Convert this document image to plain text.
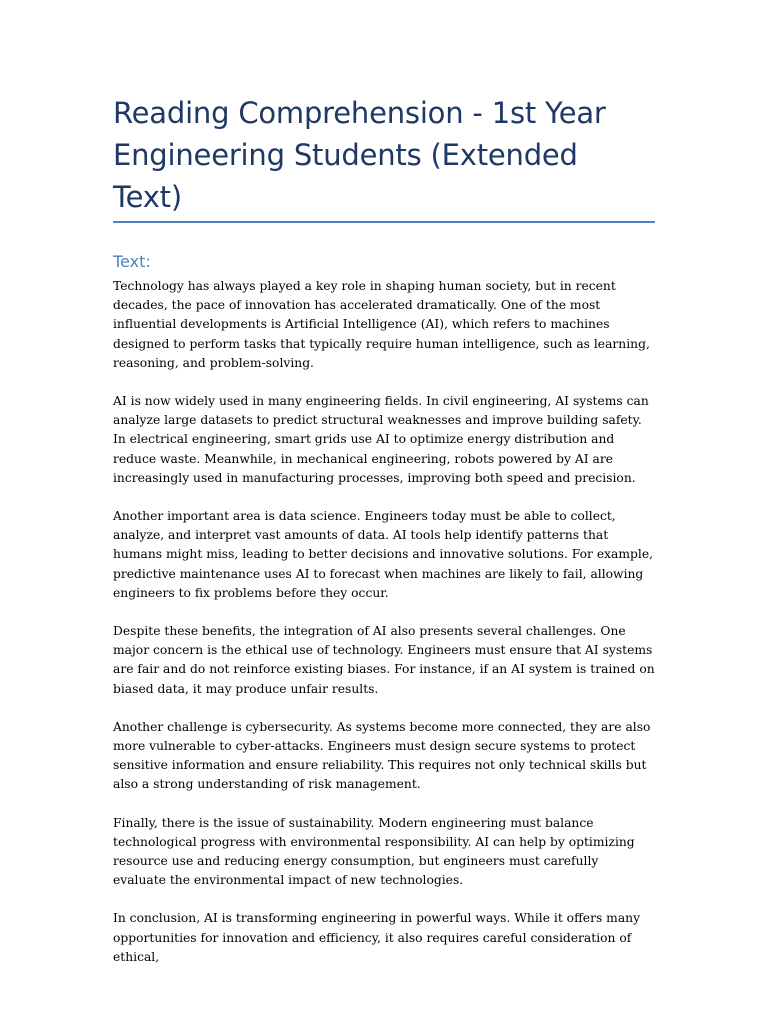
Reading Comprehension - 1st Year Engineering Students (Extended Text)
Text:

Technology has always played a key role in shaping human society, but in recent decades, the pace of innovation has accelerated dramatically. One of the most influential developments is Artificial Intelligence (AI), which refers to machines designed to perform tasks that typically require human intelligence, such as learning, reasoning, and problem-solving.

AI is now widely used in many engineering fields. In civil engineering, AI systems can analyze large datasets to predict structural weaknesses and improve building safety. In electrical engineering, smart grids use AI to optimize energy distribution and reduce waste. Meanwhile, in mechanical engineering, robots powered by AI are increasingly used in manufacturing processes, improving both speed and precision.

Another important area is data science. Engineers today must be able to collect, analyze, and interpret vast amounts of data. AI tools help identify patterns that humans might miss, leading to better decisions and innovative solutions. For example, predictive maintenance uses AI to forecast when machines are likely to fail, allowing engineers to fix problems before they occur.

Despite these benefits, the integration of AI also presents several challenges. One major concern is the ethical use of technology. Engineers must ensure that AI systems are fair and do not reinforce existing biases. For instance, if an AI system is trained on biased data, it may produce unfair results.

Another challenge is cybersecurity. As systems become more connected, they are also more vulnerable to cyber-attacks. Engineers must design secure systems to protect sensitive information and ensure reliability. This requires not only technical skills but also a strong understanding of risk management.

Finally, there is the issue of sustainability. Modern engineering must balance technological progress with environmental responsibility. AI can help by optimizing resource use and reducing energy consumption, but engineers must carefully evaluate the environmental impact of new technologies.

In conclusion, AI is transforming engineering in powerful ways. While it offers many opportunities for innovation and efficiency, it also requires careful consideration of ethical,
